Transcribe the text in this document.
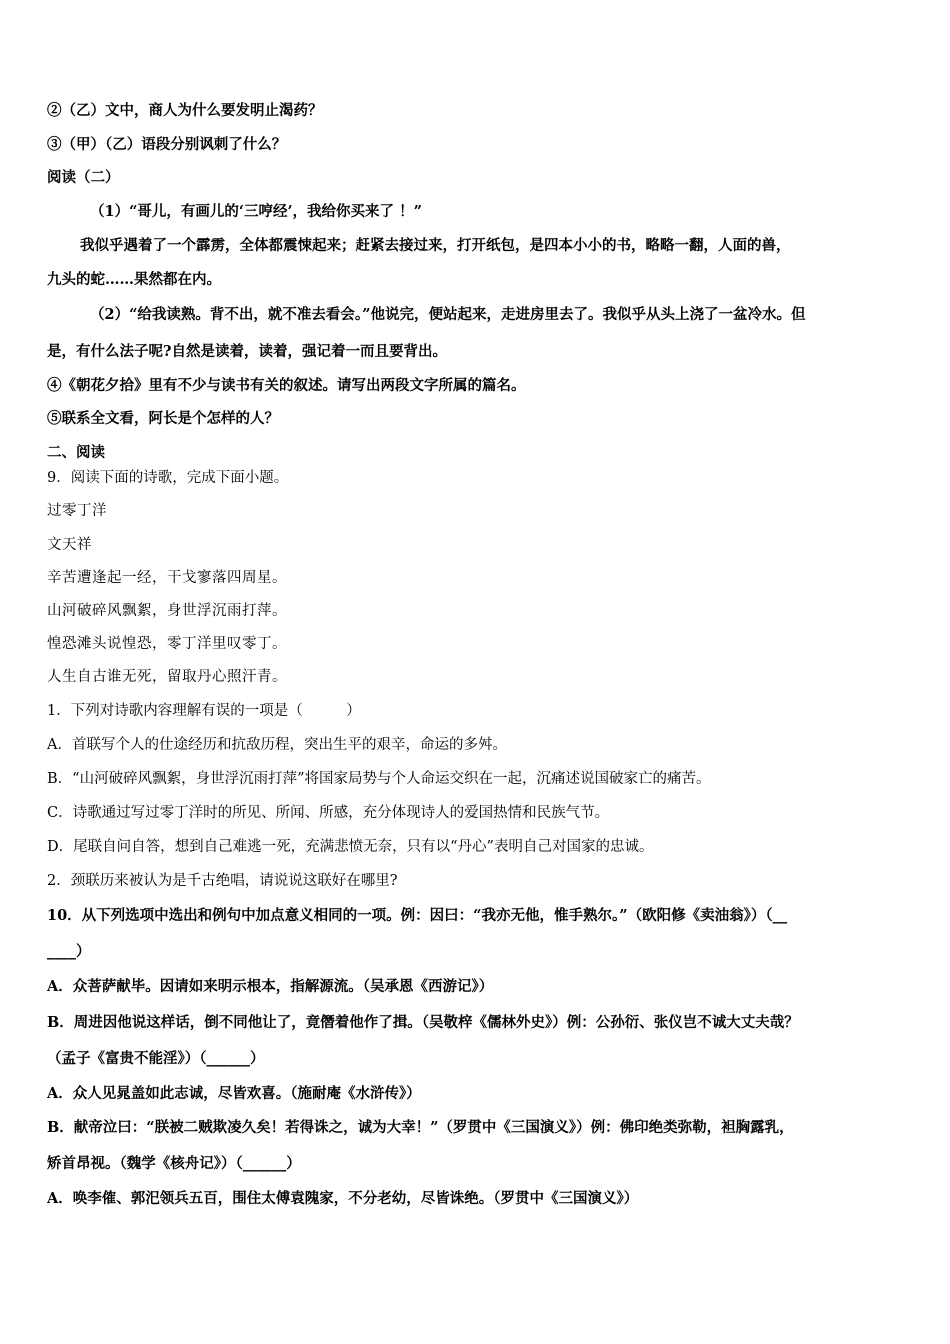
②（乙）文中，商人为什么要发明止渴药？
③（甲）（乙）语段分别讽刺了什么？
阅读（二）
（1）“哥儿，有画儿的‘三哼经’，我给你买来了 ！”
我似乎遇着了一个霹雳，全体都震悚起来；赶紧去接过来，打开纸包，是四本小小的书，略略一翻，人面的兽，
九头的蛇……果然都在内。
（2）“给我读熟。背不出，就不准去看会。”他说完，便站起来，走进房里去了。我似乎从头上浇了一盆冷水。但
是，有什么法子呢?自然是读着，读着，强记着一而且要背出。
④《朝花夕拾》里有不少与读书有关的叙述。请写出两段文字所属的篇名。
⑤联系全文看，阿长是个怎样的人？
二、阅读
9．阅读下面的诗歌，完成下面小题。
过零丁洋
文天祥
辛苦遭逢起一经，干戈寥落四周星。
山河破碎风飘絮，身世浮沉雨打萍。
惶恐滩头说惶恐，零丁洋里叹零丁。
人生自古谁无死，留取丹心照汗青。
1．下列对诗歌内容理解有误的一项是（　　　）
A．首联写个人的仕途经历和抗敌历程，突出生平的艰辛，命运的多舛。
B．“山河破碎风飘絮，身世浮沉雨打萍”将国家局势与个人命运交织在一起，沉痛述说国破家亡的痛苦。
C．诗歌通过写过零丁洋时的所见、所闻、所感，充分体现诗人的爱国热情和民族气节。
D．尾联自问自答，想到自己难逃一死，充满悲愤无奈，只有以“丹心”表明自己对国家的忠诚。
2．颈联历来被认为是千古绝唱，请说说这联好在哪里?
10．从下列选项中选出和例句中加点意义相同的一项。例：因曰：“我亦无他，惟手熟尔。”（欧阳修《卖油翁》）（__
____）
A．众菩萨献毕。因请如来明示根本，指解源流。（吴承恩《西游记》）
B．周进因他说这样话，倒不同他让了，竟僭着他作了揖。（吴敬梓《儒林外史》）例：公孙衍、张仪岂不诚大丈夫哉？
（孟子《富贵不能淫》）（______）
A．众人见晁盖如此志诚，尽皆欢喜。（施耐庵《水浒传》）
B．献帝泣曰：“朕被二贼欺凌久矣！若得诛之，诚为大幸！”（罗贯中《三国演义》）例：佛印绝类弥勒，袒胸露乳，
矫首昂视。（魏学《核舟记》）（______）
A．唤李傕、郭汜领兵五百，围住太傅袁隗家，不分老幼，尽皆诛绝。（罗贯中《三国演义》）
